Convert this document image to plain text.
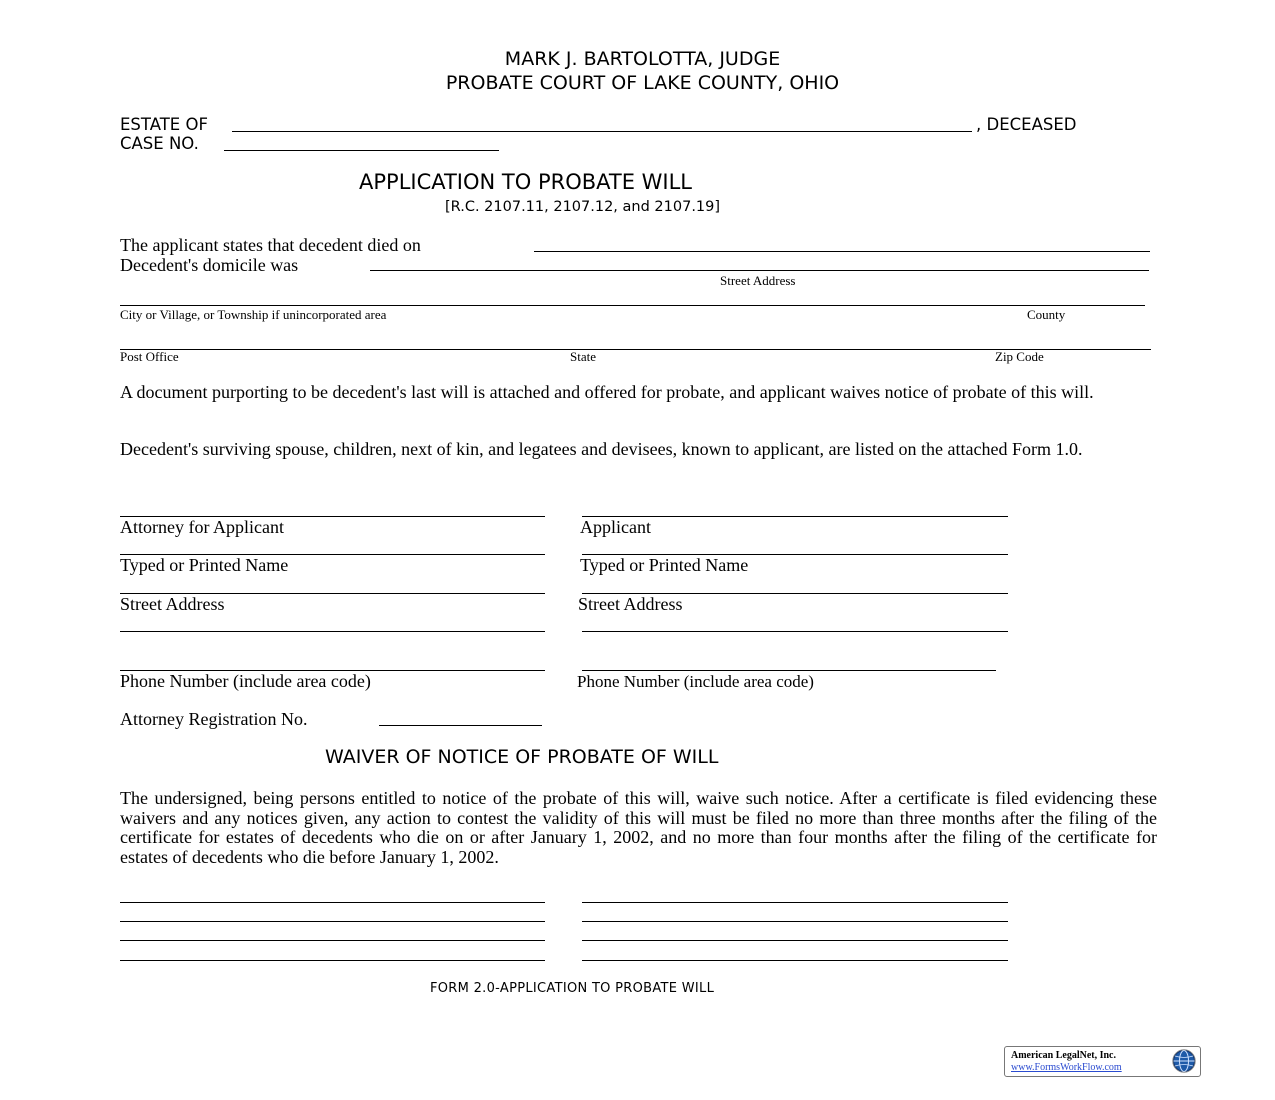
MARK J. BARTOLOTTA, JUDGE
PROBATE COURT OF LAKE COUNTY, OHIO
ESTATE OF	, DECEASED
CASE NO.
APPLICATION TO PROBATE WILL
[R.C. 2107.11, 2107.12, and 2107.19]
The applicant states that decedent died on
Decedent's domicile was
Street Address
City or Village, or Township if unincorporated area	County
Post Office	State	Zip Code
A document purporting to be decedent's last will is attached and offered for probate, and applicant waives notice of probate of this will.
Decedent's surviving spouse, children, next of kin, and legatees and devisees, known to applicant, are listed on the attached Form 1.0.
Attorney for Applicant
Typed or Printed Name
Street Address
Phone Number (include area code)
Attorney Registration No.
Applicant
Typed or Printed Name
Street Address
Phone Number (include area code)
WAIVER OF NOTICE OF PROBATE OF WILL
The undersigned, being persons entitled to notice of the probate of this will, waive such notice. After a certificate is filed evidencing these waivers and any notices given, any action to contest the validity of this will must be filed no more than three months after the filing of the certificate for estates of decedents who die on or after January 1, 2002, and no more than four months after the filing of the certificate for estates of decedents who die before January 1, 2002.
FORM 2.0-APPLICATION TO PROBATE WILL
American LegalNet, Inc.
www.FormsWorkFlow.com
